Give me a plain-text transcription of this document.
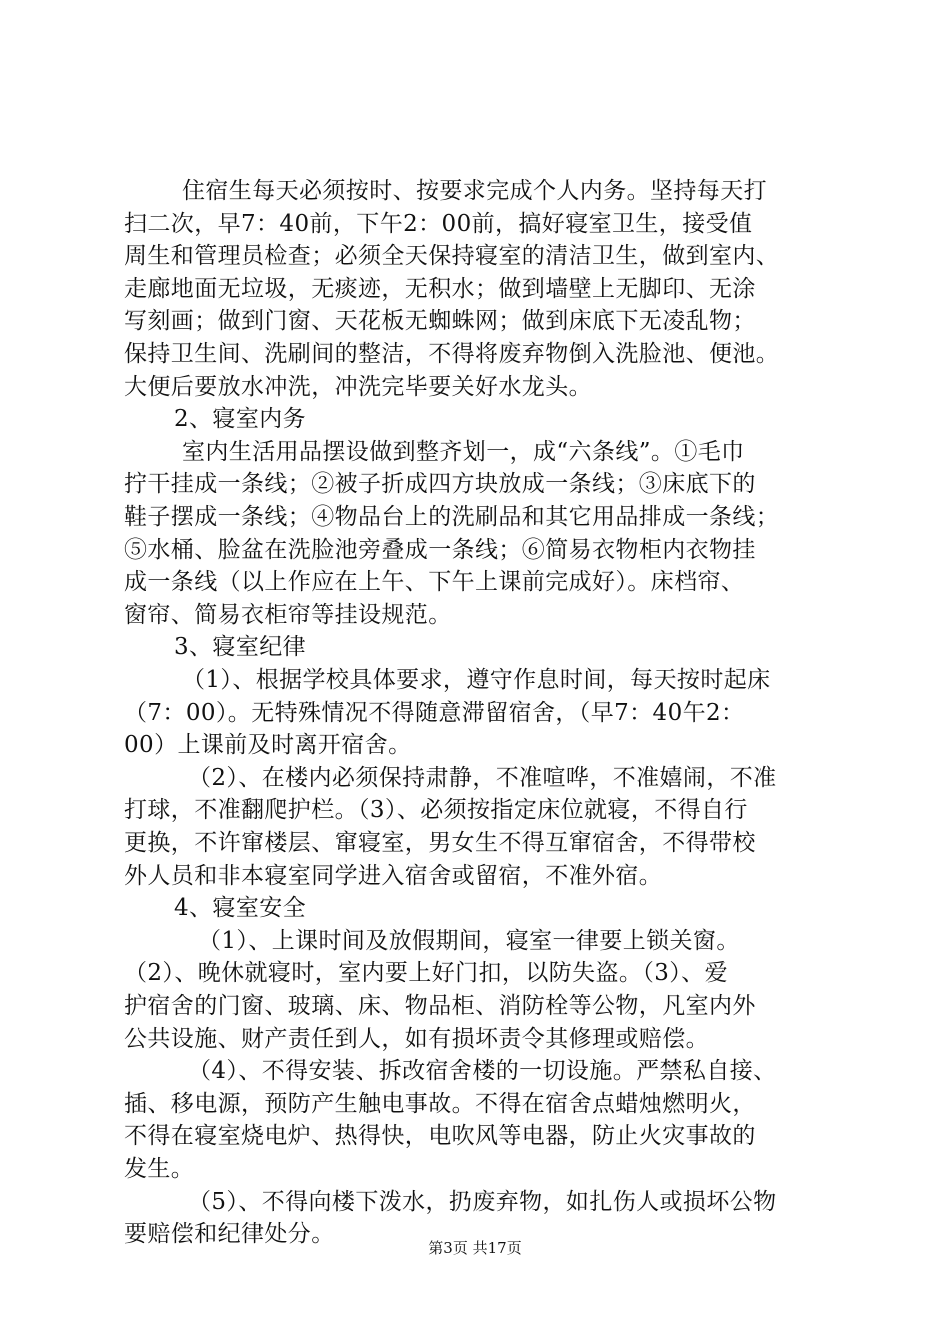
住宿生每天必须按时、按要求完成个人内务。坚持每天打
扫二次，早7：40前，下午2：00前，搞好寝室卫生，接受值
周生和管理员检查；必须全天保持寝室的清洁卫生，做到室内、
走廊地面无垃圾，无痰迹，无积水；做到墙壁上无脚印、无涂
写刻画；做到门窗、天花板无蜘蛛网；做到床底下无凌乱物；
保持卫生间、洗刷间的整洁，不得将废弃物倒入洗脸池、便池。
大便后要放水冲洗，冲洗完毕要关好水龙头。
2、寝室内务
室内生活用品摆设做到整齐划一，成“六条线”。①毛巾
拧干挂成一条线；②被子折成四方块放成一条线；③床底下的
鞋子摆成一条线；④物品台上的洗刷品和其它用品排成一条线；
⑤水桶、脸盆在洗脸池旁叠成一条线；⑥简易衣物柜内衣物挂
成一条线（以上作应在上午、下午上课前完成好）。床档帘、
窗帘、简易衣柜帘等挂设规范。
3、寝室纪律
（1）、根据学校具体要求，遵守作息时间，每天按时起床
（7：00）。无特殊情况不得随意滞留宿舍，（早7：40午2：
00）上课前及时离开宿舍。
（2）、在楼内必须保持肃静，不准喧哗，不准嬉闹，不准
打球，不准翻爬护栏。（3）、必须按指定床位就寝，不得自行
更换，不许窜楼层、窜寝室，男女生不得互窜宿舍，不得带校
外人员和非本寝室同学进入宿舍或留宿，不准外宿。
4、寝室安全
（1）、上课时间及放假期间，寝室一律要上锁关窗。
（2）、晚休就寝时，室内要上好门扣，以防失盗。（3）、爱
护宿舍的门窗、玻璃、床、物品柜、消防栓等公物，凡室内外
公共设施、财产责任到人，如有损坏责令其修理或赔偿。
（4）、不得安装、拆改宿舍楼的一切设施。严禁私自接、
插、移电源，预防产生触电事故。不得在宿舍点蜡烛燃明火，
不得在寝室烧电炉、热得快，电吹风等电器，防止火灾事故的
发生。
（5）、不得向楼下泼水，扔废弃物，如扎伤人或损坏公物
要赔偿和纪律处分。
第3页 共17页
